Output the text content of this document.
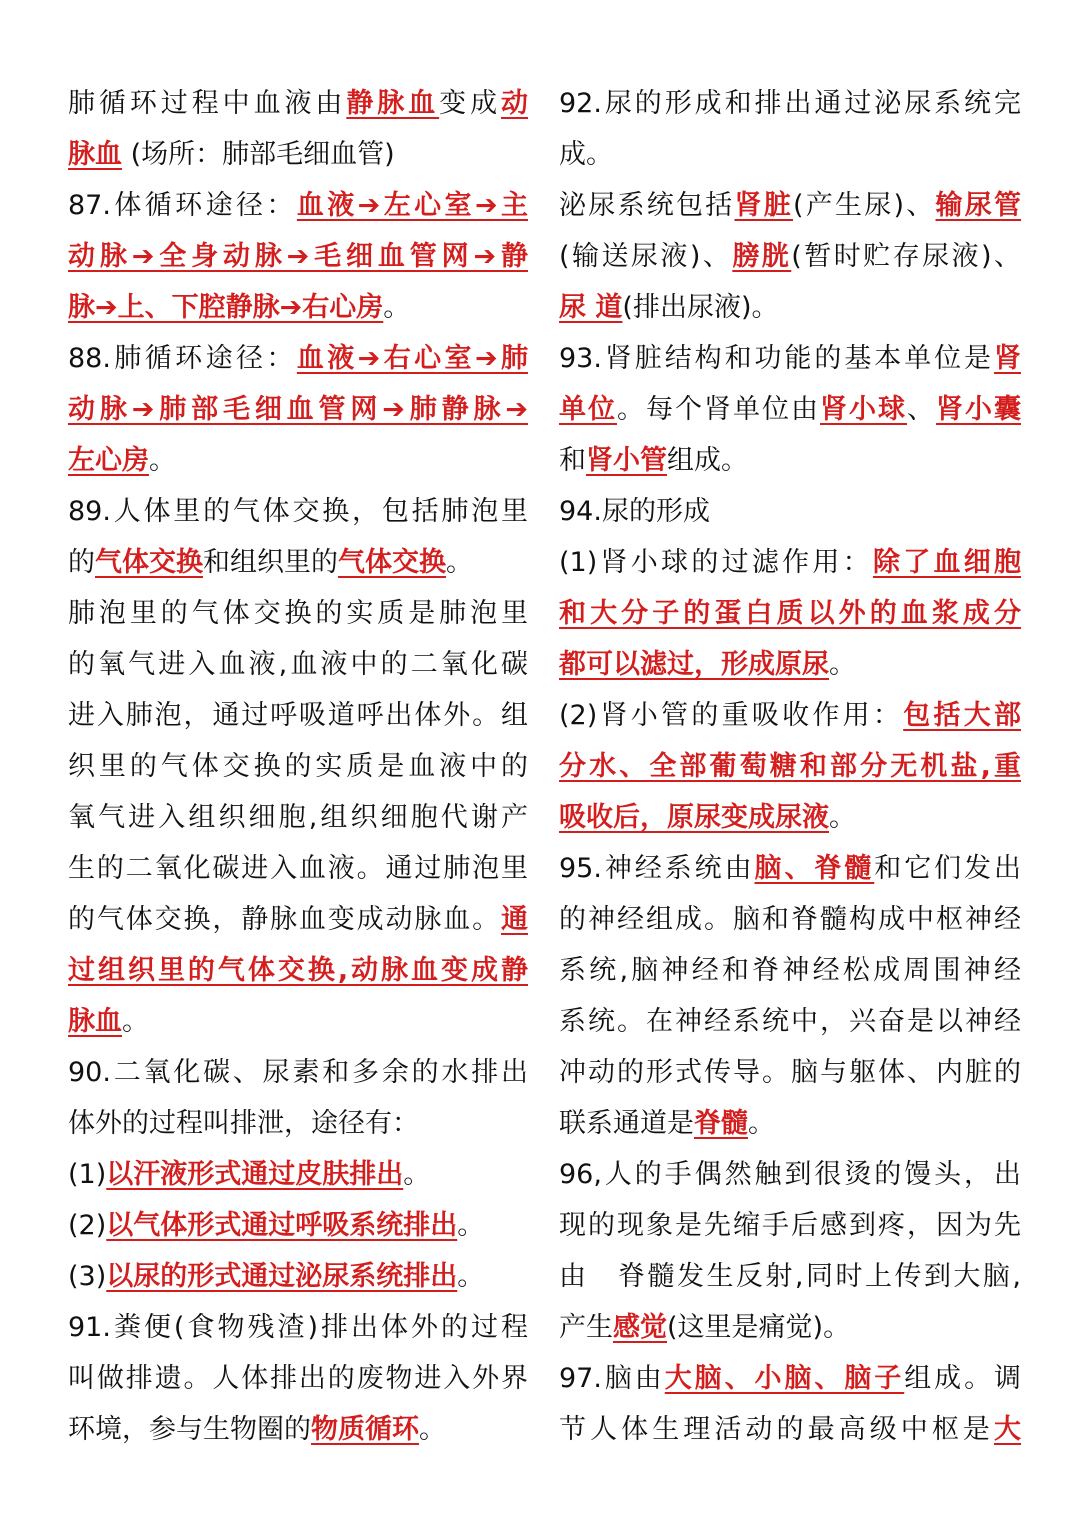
肺循环过程中血液由静脉血变成动
脉血 (场所：肺部毛细血管)
87.体循环途径：血液➔左心室➔主
动脉➔全身动脉➔毛细血管网➔静
脉➔上、下腔静脉➔右心房。
88.肺循环途径：血液➔右心室➔肺
动脉➔肺部毛细血管网➔肺静脉➔
左心房。
89.人体里的气体交换，包括肺泡里
的气体交换和组织里的气体交换。
肺泡里的气体交换的实质是肺泡里
的氧气进入血液,血液中的二氧化碳
进入肺泡，通过呼吸道呼出体外。组
织里的气体交换的实质是血液中的
氧气进入组织细胞,组织细胞代谢产
生的二氧化碳进入血液。通过肺泡里
的气体交换，静脉血变成动脉血。通
过组织里的气体交换,动脉血变成静
脉血。
90.二氧化碳、尿素和多余的水排出
体外的过程叫排泄，途径有：
(1)以汗液形式通过皮肤排出。
(2)以气体形式通过呼吸系统排出。
(3)以尿的形式通过泌尿系统排出。
91.粪便(食物残渣)排出体外的过程
叫做排遗。人体排出的废物进入外界
环境，参与生物圈的物质循环。
92.尿的形成和排出通过泌尿系统完
成。
泌尿系统包括肾脏(产生尿)、输尿管
(输送尿液)、膀胱(暂时贮存尿液)、
尿 道(排出尿液)。
93.肾脏结构和功能的基本单位是肾
单位。每个肾单位由肾小球、肾小囊
和肾小管组成。
94.尿的形成
(1)肾小球的过滤作用：除了血细胞
和大分子的蛋白质以外的血浆成分
都可以滤过，形成原尿。
(2)肾小管的重吸收作用：包括大部
分水、全部葡萄糖和部分无机盐,重
吸收后，原尿变成尿液。
95.神经系统由脑、脊髓和它们发出
的神经组成。脑和脊髓构成中枢神经
系统,脑神经和脊神经松成周围神经
系统。在神经系统中，兴奋是以神经
冲动的形式传导。脑与躯体、内脏的
联系通道是脊髓。
96,人的手偶然触到很烫的馒头，出
现的现象是先缩手后感到疼，因为先
由　脊髓发生反射,同时上传到大脑,
产生感觉(这里是痛觉)。
97.脑由大脑、小脑、脑子组成。调
节人体生理活动的最高级中枢是大
